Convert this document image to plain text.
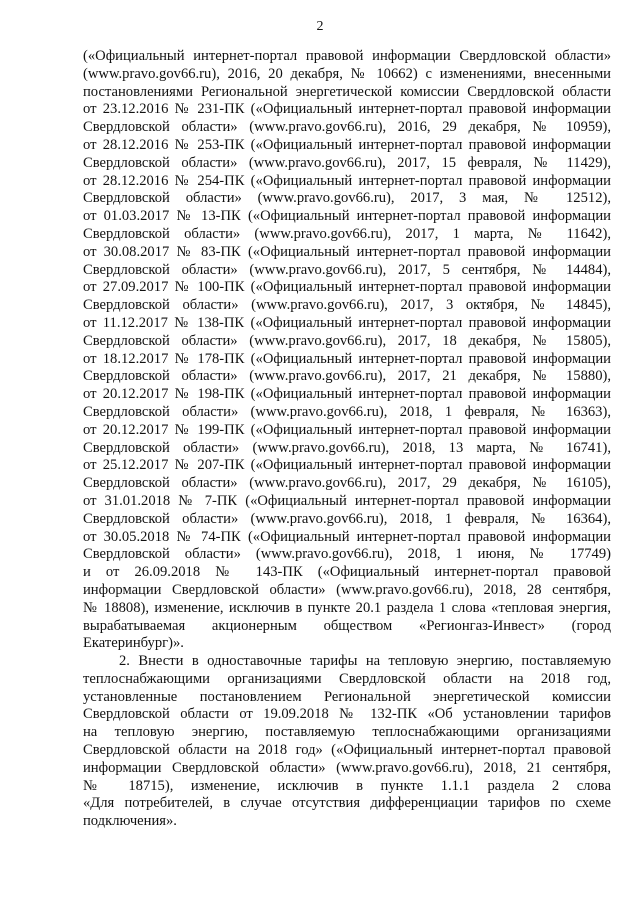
2
(«Официальный интернет-портал правовой информации Свердловской области»
(www.pravo.gov66.ru), 2016, 20 декабря, № 10662) с изменениями, внесенными
постановлениями Региональной энергетической комиссии Свердловской области
от 23.12.2016 № 231-ПК («Официальный интернет-портал правовой информации
Свердловской области» (www.pravo.gov66.ru), 2016, 29 декабря, № 10959),
от 28.12.2016 № 253-ПК («Официальный интернет-портал правовой информации
Свердловской области» (www.pravo.gov66.ru), 2017, 15 февраля, № 11429),
от 28.12.2016 № 254-ПК («Официальный интернет-портал правовой информации
Свердловской области» (www.pravo.gov66.ru), 2017, 3 мая, № 12512),
от 01.03.2017 № 13-ПК («Официальный интернет-портал правовой информации
Свердловской области» (www.pravo.gov66.ru), 2017, 1 марта, № 11642),
от 30.08.2017 № 83-ПК («Официальный интернет-портал правовой информации
Свердловской области» (www.pravo.gov66.ru), 2017, 5 сентября, № 14484),
от 27.09.2017 № 100-ПК («Официальный интернет-портал правовой информации
Свердловской области» (www.pravo.gov66.ru), 2017, 3 октября, № 14845),
от 11.12.2017 № 138-ПК («Официальный интернет-портал правовой информации
Свердловской области» (www.pravo.gov66.ru), 2017, 18 декабря, № 15805),
от 18.12.2017 № 178-ПК («Официальный интернет-портал правовой информации
Свердловской области» (www.pravo.gov66.ru), 2017, 21 декабря, № 15880),
от 20.12.2017 № 198-ПК («Официальный интернет-портал правовой информации
Свердловской области» (www.pravo.gov66.ru), 2018, 1 февраля, № 16363),
от 20.12.2017 № 199-ПК («Официальный интернет-портал правовой информации
Свердловской области» (www.pravo.gov66.ru), 2018, 13 марта, № 16741),
от 25.12.2017 № 207-ПК («Официальный интернет-портал правовой информации
Свердловской области» (www.pravo.gov66.ru), 2017, 29 декабря, № 16105),
от 31.01.2018 № 7-ПК («Официальный интернет-портал правовой информации
Свердловской области» (www.pravo.gov66.ru), 2018, 1 февраля, № 16364),
от 30.05.2018 № 74-ПК («Официальный интернет-портал правовой информации
Свердловской области» (www.pravo.gov66.ru), 2018, 1 июня, № 17749)
и от 26.09.2018 № 143-ПК («Официальный интернет-портал правовой
информации Свердловской области» (www.pravo.gov66.ru), 2018, 28 сентября,
№ 18808), изменение, исключив в пункте 20.1 раздела 1 слова «тепловая энергия,
вырабатываемая акционерным обществом «Регионгаз-Инвест» (город
Екатеринбург)».
2. Внести в одноставочные тарифы на тепловую энергию, поставляемую
теплоснабжающими организациями Свердловской области на 2018 год,
установленные постановлением Региональной энергетической комиссии
Свердловской области от 19.09.2018 № 132-ПК «Об установлении тарифов
на тепловую энергию, поставляемую теплоснабжающими организациями
Свердловской области на 2018 год» («Официальный интернет-портал правовой
информации Свердловской области» (www.pravo.gov66.ru), 2018, 21 сентября,
№ 18715), изменение, исключив в пункте 1.1.1 раздела 2 слова
«Для потребителей, в случае отсутствия дифференциации тарифов по схеме
подключения».
